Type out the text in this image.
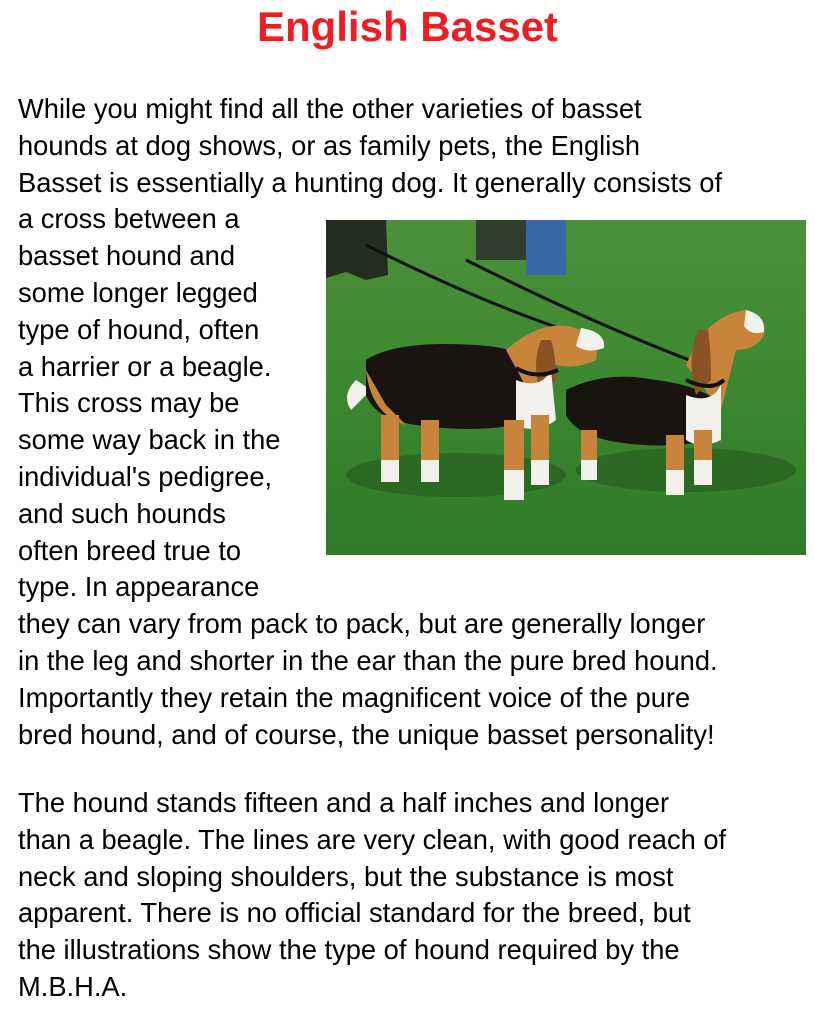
English Basset
While you might find all the other varieties of basset
hounds at dog shows, or as family pets, the English
Basset is essentially a hunting dog. It generally consists of
a cross between a
basset hound and
some longer legged
type of hound, often
a harrier or a beagle.
This cross may be
some way back in the
individual's pedigree,
and such hounds
often breed true to
type. In appearance
they can vary from pack to pack, but are generally longer
in the leg and shorter in the ear than the pure bred hound.
Importantly they retain the magnificent voice of the pure
bred hound, and of course, the unique basset personality!
The hound stands fifteen and a half inches and longer
than a beagle. The lines are very clean, with good reach of
neck and sloping shoulders, but the substance is most
apparent. There is no official standard for the breed, but
the illustrations show the type of hound required by the
M.B.H.A.
